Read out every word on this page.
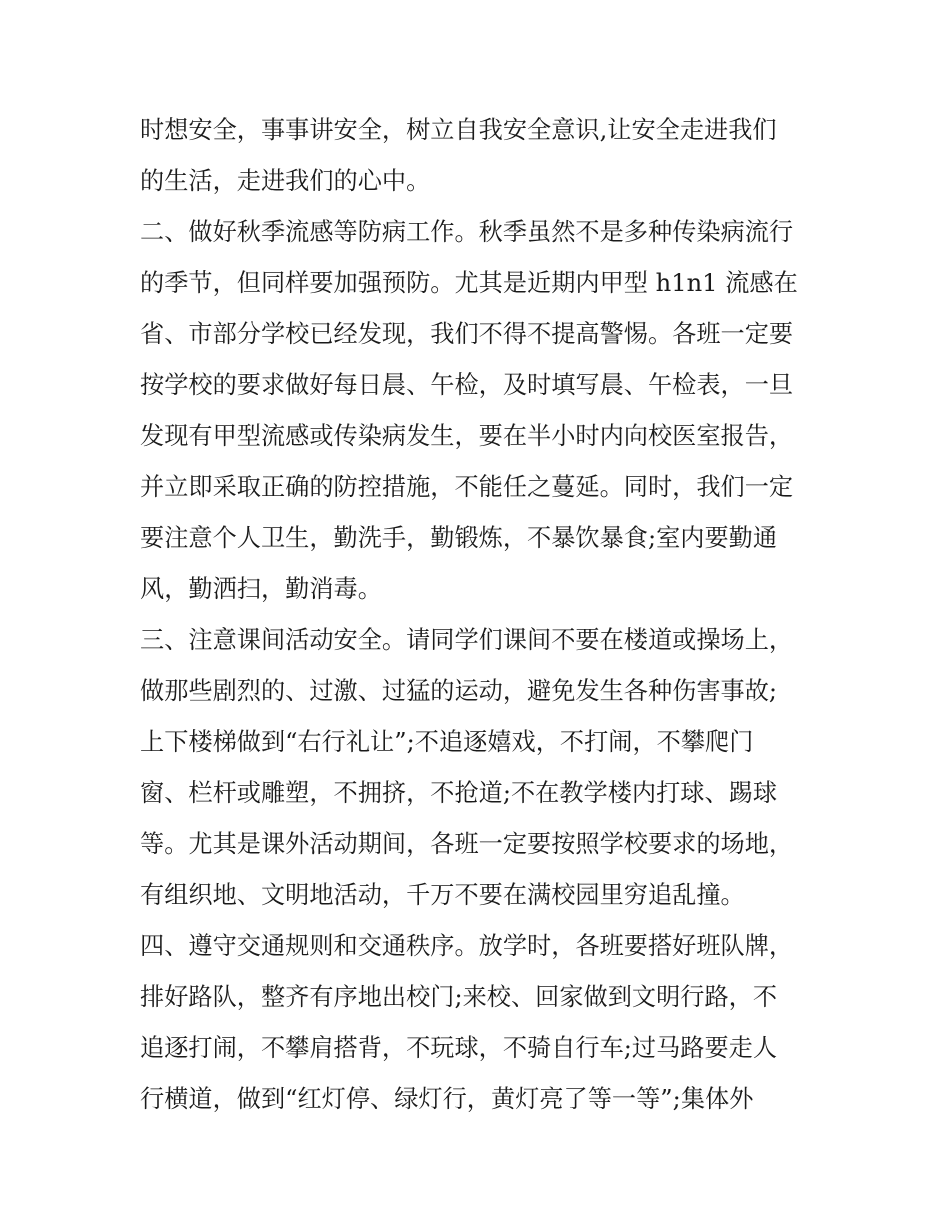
时想安全，事事讲安全，树立自我安全意识,让安全走进我们
的生活，走进我们的心中。
二、做好秋季流感等防病工作。秋季虽然不是多种传染病流行
的季节，但同样要加强预防。尤其是近期内甲型 h1n1 流感在
省、市部分学校已经发现，我们不得不提高警惕。各班一定要
按学校的要求做好每日晨、午检，及时填写晨、午检表，一旦
发现有甲型流感或传染病发生，要在半小时内向校医室报告，
并立即采取正确的防控措施，不能任之蔓延。同时，我们一定
要注意个人卫生，勤洗手，勤锻炼，不暴饮暴食;室内要勤通
风，勤洒扫，勤消毒。
三、注意课间活动安全。请同学们课间不要在楼道或操场上，
做那些剧烈的、过激、过猛的运动，避免发生各种伤害事故;
上下楼梯做到“右行礼让”;不追逐嬉戏，不打闹，不攀爬门
窗、栏杆或雕塑，不拥挤，不抢道;不在教学楼内打球、踢球
等。尤其是课外活动期间，各班一定要按照学校要求的场地，
有组织地、文明地活动，千万不要在满校园里穷追乱撞。
四、遵守交通规则和交通秩序。放学时，各班要搭好班队牌，
排好路队，整齐有序地出校门;来校、回家做到文明行路，不
追逐打闹，不攀肩搭背，不玩球，不骑自行车;过马路要走人
行横道，做到“红灯停、绿灯行，黄灯亮了等一等”;集体外
